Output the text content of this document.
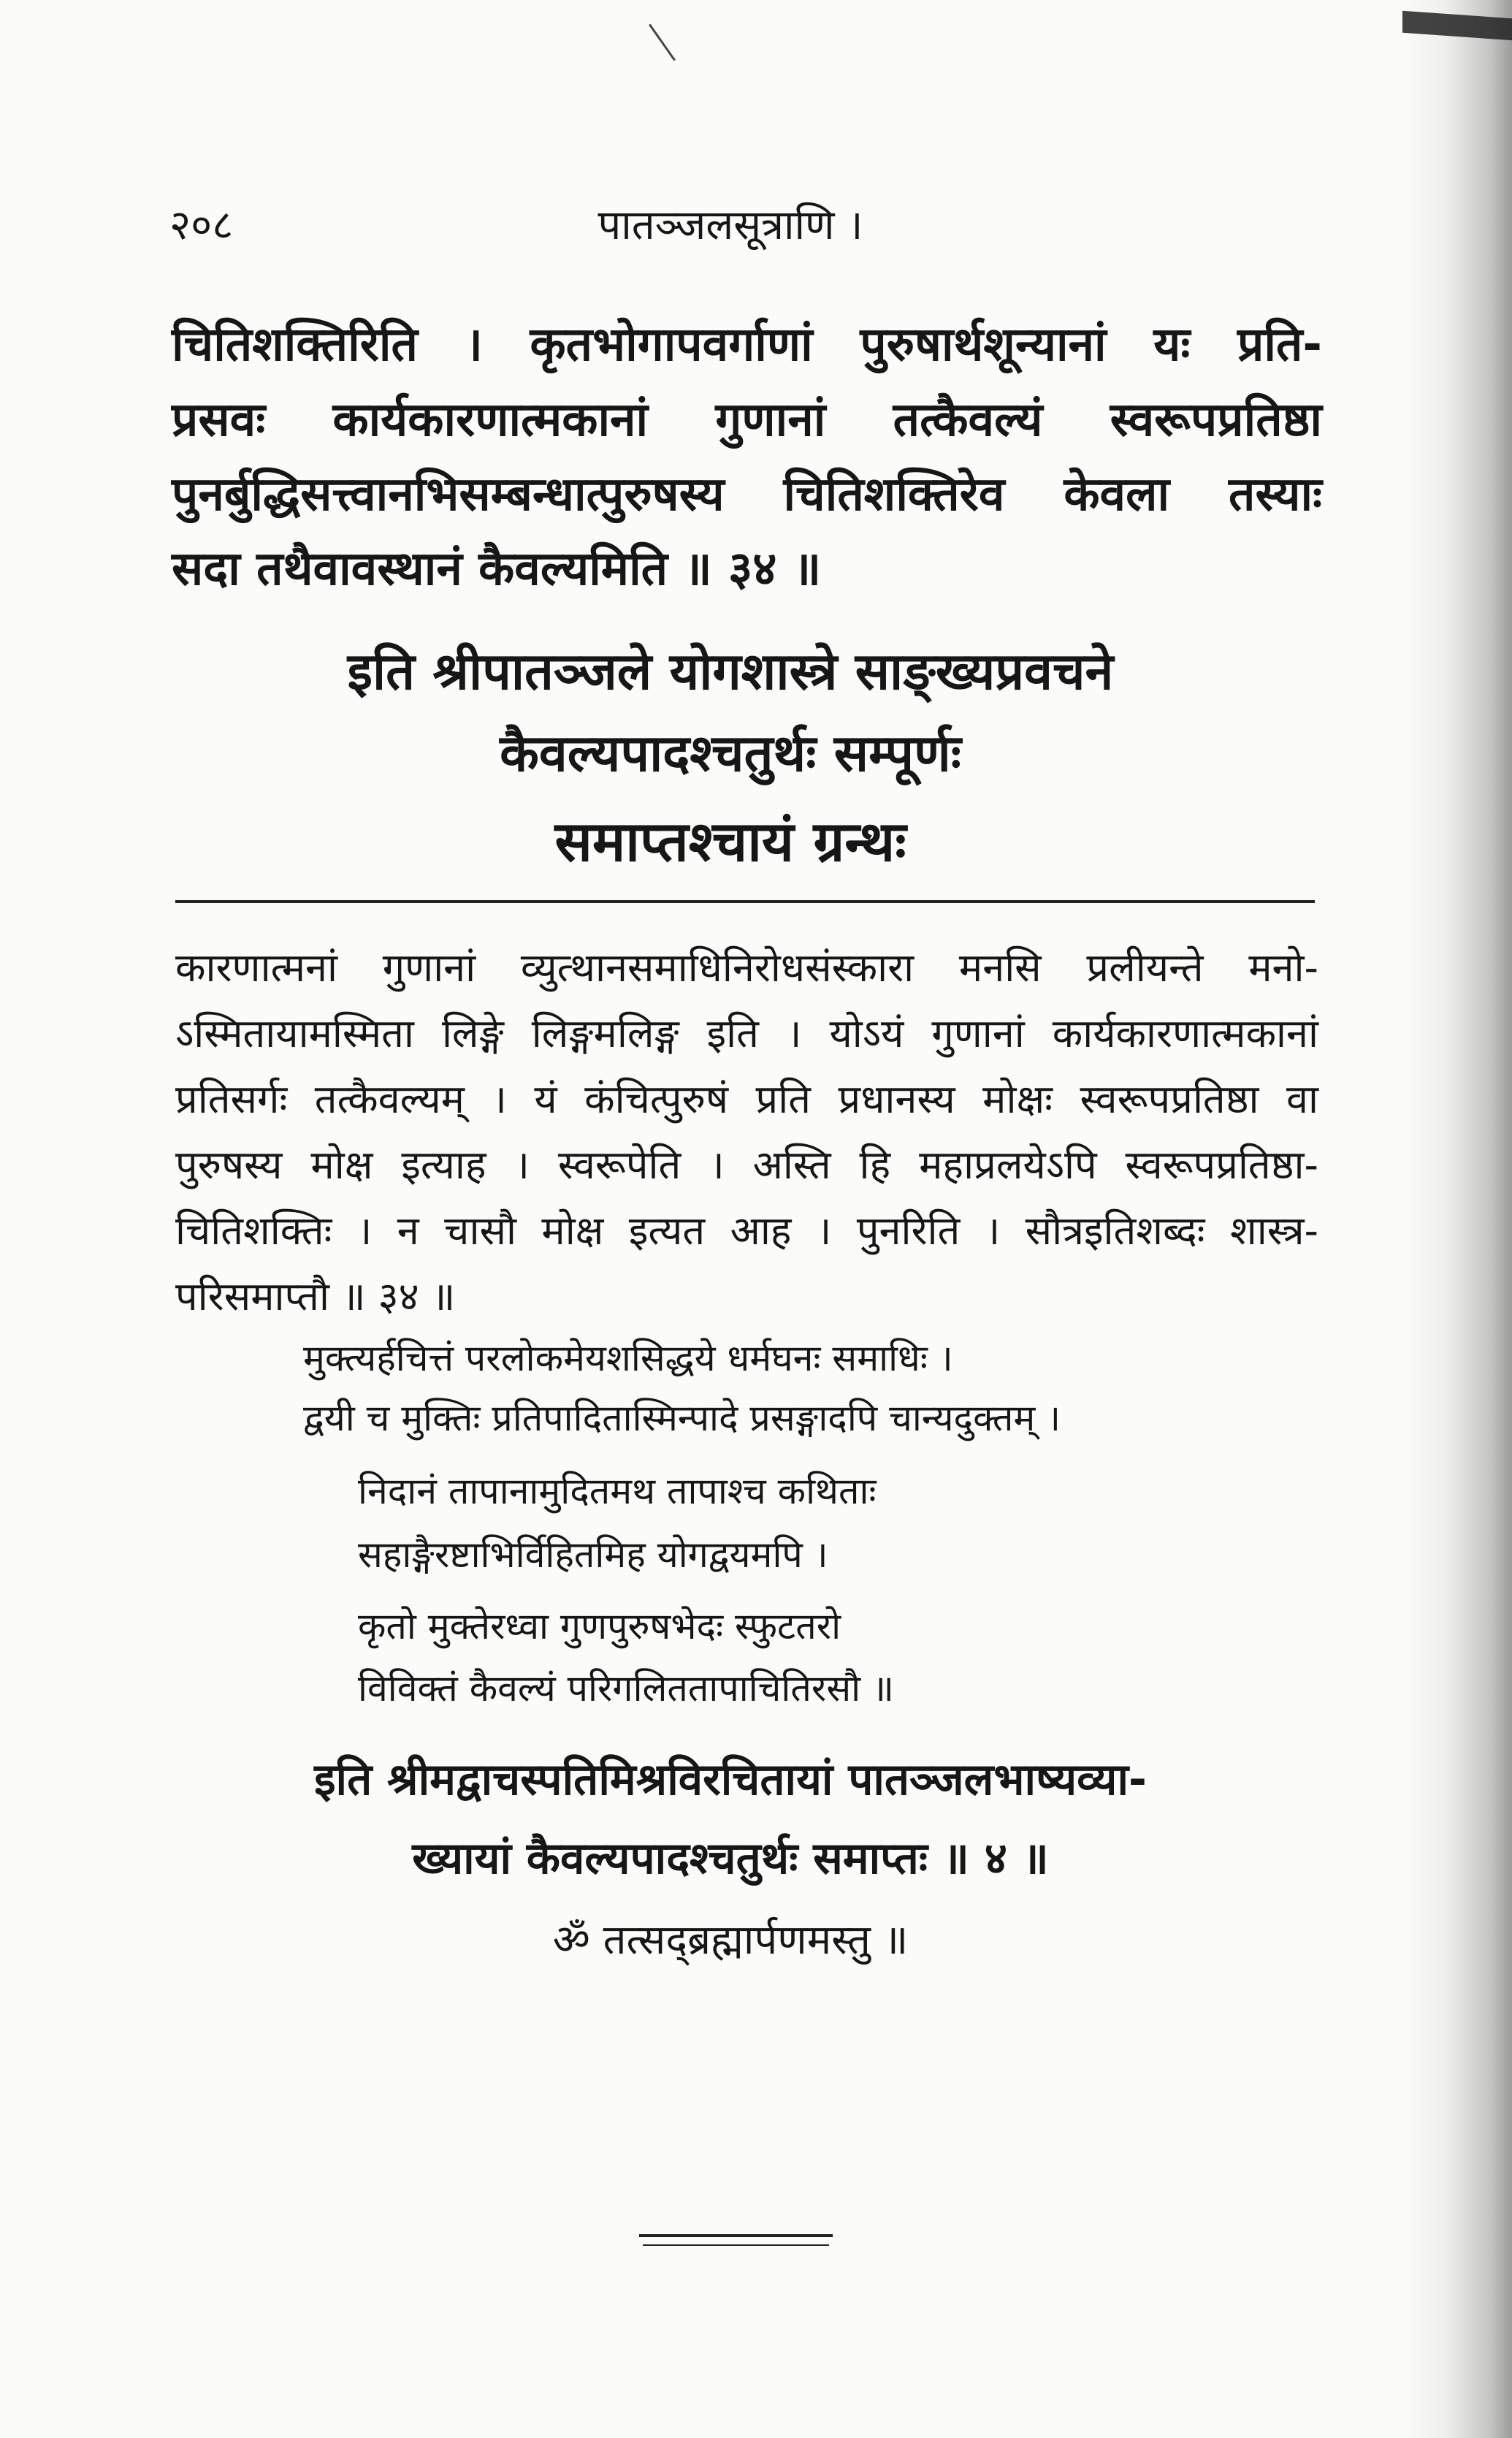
२०८	पातञ्जलसूत्राणि ।
चितिशक्तिरिति । कृतभोगापवर्गाणां पुरुषार्थशून्यानां यः प्रति-
प्रसवः कार्यकारणात्मकानां गुणानां तत्कैवल्यं स्वरूपप्रतिष्ठा
पुनर्बुद्धिसत्त्वानभिसम्बन्धात्पुरुषस्य चितिशक्तिरेव केवला तस्याः
सदा तथैवावस्थानं कैवल्यमिति ॥ ३४ ॥
इति श्रीपातञ्जले योगशास्त्रे साङ्ख्यप्रवचने
कैवल्यपादश्चतुर्थः सम्पूर्णः
समाप्तश्चायं ग्रन्थः
कारणात्मनां गुणानां व्युत्थानसमाधिनिरोधसंस्कारा मनसि प्रलीयन्ते मनो-
ऽस्मितायामस्मिता लिङ्गे लिङ्गमलिङ्ग इति । योऽयं गुणानां कार्यकारणात्मकानां
प्रतिसर्गः तत्कैवल्यम् । यं कंचित्पुरुषं प्रति प्रधानस्य मोक्षः स्वरूपप्रतिष्ठा वा
पुरुषस्य मोक्ष इत्याह । स्वरूपेति । अस्ति हि महाप्रलयेऽपि स्वरूपप्रतिष्ठा-
चितिशक्तिः । न चासौ मोक्ष इत्यत आह । पुनरिति । सौत्रइतिशब्दः शास्त्र-
परिसमाप्तौ ॥ ३४ ॥
मुक्त्यर्हचित्तं परलोकमेयशसिद्धये धर्मघनः समाधिः ।
द्वयी च मुक्तिः प्रतिपादितास्मिन्पादे प्रसङ्गादपि चान्यदुक्तम् ।
निदानं तापानामुदितमथ तापाश्च कथिताः
सहाङ्गैरष्टाभिर्विहितमिह योगद्वयमपि ।
कृतो मुक्तेरध्वा गुणपुरुषभेदः स्फुटतरो
विविक्तं कैवल्यं परिगलिततापाचितिरसौ ॥
इति श्रीमद्वाचस्पतिमिश्रविरचितायां पातञ्जलभाष्यव्या-
ख्यायां कैवल्यपादश्चतुर्थः समाप्तः ॥ ४ ॥
ॐ तत्सद्ब्रह्मार्पणमस्तु ॥
